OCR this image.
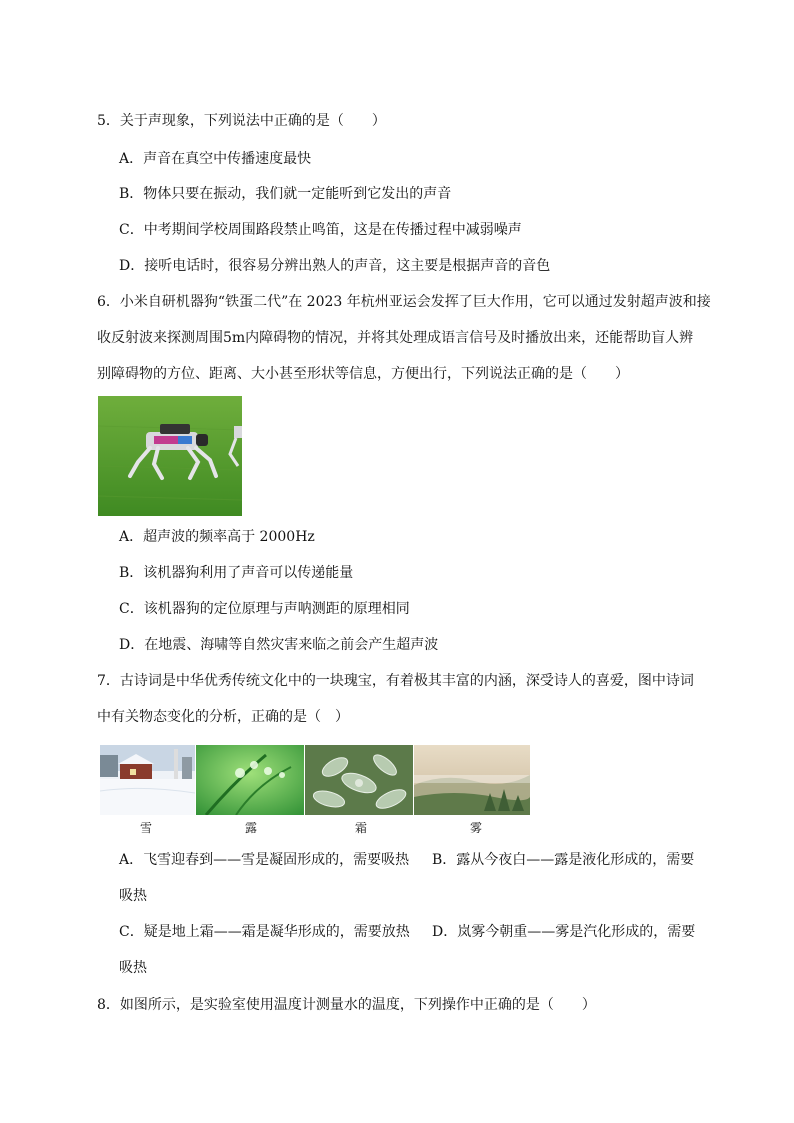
5．关于声现象，下列说法中正确的是（　　）
A．声音在真空中传播速度最快
B．物体只要在振动，我们就一定能听到它发出的声音
C．中考期间学校周围路段禁止鸣笛，这是在传播过程中减弱噪声
D．接听电话时，很容易分辨出熟人的声音，这主要是根据声音的音色
6．小米自研机器狗“铁蛋二代”在 2023 年杭州亚运会发挥了巨大作用，它可以通过发射超声波和接
收反射波来探测周围5m内障碍物的情况，并将其处理成语言信号及时播放出来，还能帮助盲人辨
别障碍物的方位、距离、大小甚至形状等信息，方便出行，下列说法正确的是（　　）
A．超声波的频率高于 2000Hz
B．该机器狗利用了声音可以传递能量
C．该机器狗的定位原理与声呐测距的原理相同
D．在地震、海啸等自然灾害来临之前会产生超声波
7．古诗词是中华优秀传统文化中的一块瑰宝，有着极其丰富的内涵，深受诗人的喜爱，图中诗词
中有关物态变化的分析，正确的是（　）
雪	露	霜	雾
A．飞雪迎春到——雪是凝固形成的，需要吸热 B．露从今夜白——露是液化形成的，需要
吸热
C．疑是地上霜——霜是凝华形成的，需要放热 D．岚雾今朝重——雾是汽化形成的，需要
吸热
8．如图所示，是实验室使用温度计测量水的温度，下列操作中正确的是（　　）
